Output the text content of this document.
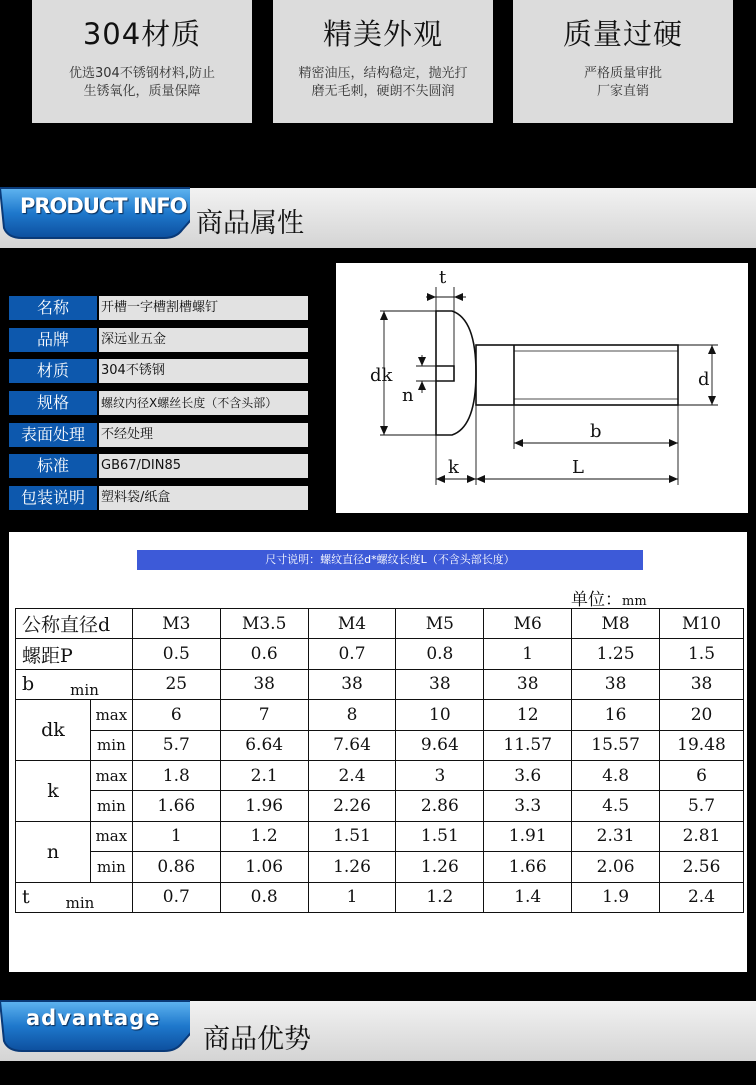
304材质
优选304不锈钢材料,防止
生锈氧化，质量保障
精美外观
精密油压，结构稳定，抛光打
磨无毛刺，硬朗不失圆润
质量过硬
严格质量审批
厂家直销
PRODUCT INFO
商品属性
名称	开槽一字槽割槽螺钉
品牌	深远业五金
材质	304不锈钢
规格	螺纹内径X螺丝长度（不含头部）
表面处理	不经处理
标准	GB67/DIN85
包装说明	塑料袋/纸盒
t
dk
n
d
b
k	L
尺寸说明：螺纹直径d*螺纹长度L（不含头部长度）
单位：mm
公称直径d		M3	M3.5	M4	M5	M6	M8	M10
螺距P		0.5	0.6	0.7	0.8	1	1.25	1.5
b $_{min}$		25	38	38	38	38	38	38
dk	max	6	7	8	10	12	16	20
	min	5.7	6.64	7.64	9.64	11.57	15.57	19.48
k	max	1.8	2.1	2.4	3	3.6	4.8	6
	min	1.66	1.96	2.26	2.86	3.3	4.5	5.7
n	max	1	1.2	1.51	1.51	1.91	2.31	2.81
	min	0.86	1.06	1.26	1.26	1.66	2.06	2.56
t $_{min}$		0.7	0.8	1	1.2	1.4	1.9	2.4
advantage
商品优势
